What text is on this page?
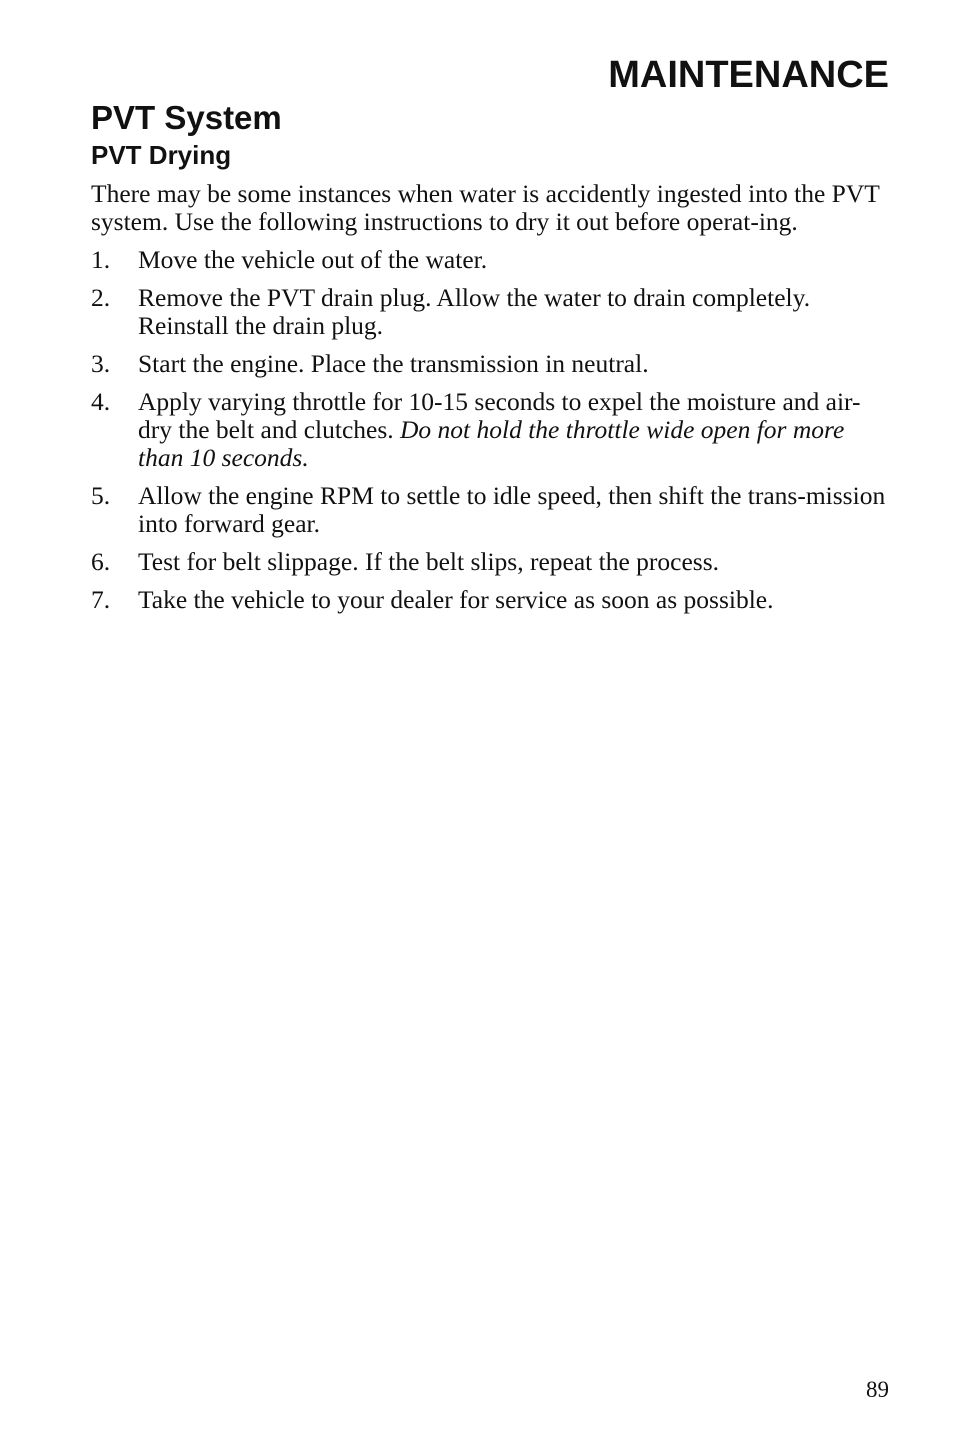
MAINTENANCE
PVT System
PVT Drying

There may be some instances when water is accidently ingested into the PVT system. Use the following instructions to dry it out before operat-ing.

1. Move the vehicle out of the water.
2. Remove the PVT drain plug. Allow the water to drain completely. Reinstall the drain plug.
3. Start the engine. Place the transmission in neutral.
4. Apply varying throttle for 10-15 seconds to expel the moisture and air-dry the belt and clutches. Do not hold the throttle wide open for more than 10 seconds.
5. Allow the engine RPM to settle to idle speed, then shift the trans-mission into forward gear.
6. Test for belt slippage. If the belt slips, repeat the process.
7. Take the vehicle to your dealer for service as soon as possible.

89
